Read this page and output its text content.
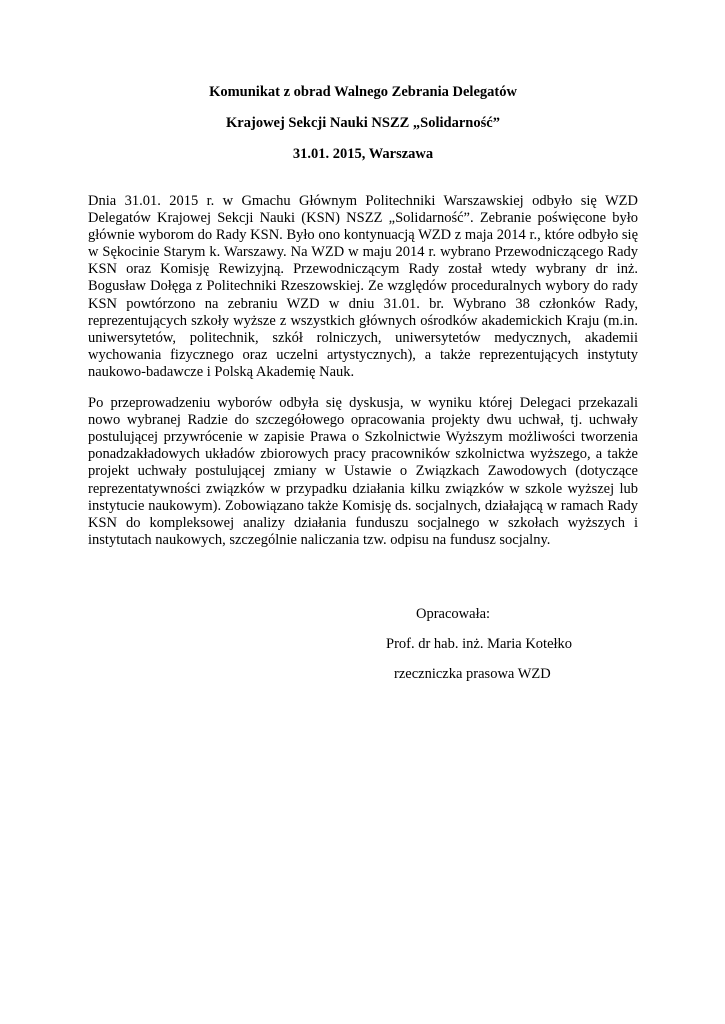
Komunikat z obrad Walnego Zebrania Delegatów
Krajowej Sekcji Nauki NSZZ „Solidarność”
31.01. 2015, Warszawa

Dnia 31.01. 2015 r. w Gmachu Głównym Politechniki Warszawskiej odbyło się WZD Delegatów Krajowej Sekcji Nauki (KSN) NSZZ „Solidarność”. Zebranie poświęcone było głównie wyborom do Rady KSN. Było ono kontynuacją WZD z maja 2014 r., które odbyło się w Sękocinie Starym k. Warszawy. Na WZD w maju 2014 r. wybrano Przewodniczącego Rady KSN oraz Komisję Rewizyjną. Przewodniczącym Rady został wtedy wybrany dr inż. Bogusław Dołęga z Politechniki Rzeszowskiej. Ze względów proceduralnych wybory do rady KSN powtórzono na zebraniu WZD w dniu 31.01. br. Wybrano 38 członków Rady, reprezentujących szkoły wyższe z wszystkich głównych ośrodków akademickich Kraju (m.in. uniwersytetów, politechnik, szkół rolniczych, uniwersytetów medycznych, akademii wychowania fizycznego oraz uczelni artystycznych), a także reprezentujących instytuty naukowo-badawcze i Polską Akademię Nauk.

Po przeprowadzeniu wyborów odbyła się dyskusja, w wyniku której Delegaci przekazali nowo wybranej Radzie do szczegółowego opracowania projekty dwu uchwał, tj. uchwały postulującej przywrócenie w zapisie Prawa o Szkolnictwie Wyższym możliwości tworzenia ponadzakładowych układów zbiorowych pracy pracowników szkolnictwa wyższego, a także projekt uchwały postulującej zmiany w Ustawie o Związkach Zawodowych (dotyczące reprezentatywności związków w przypadku działania kilku związków w szkole wyższej lub instytucie naukowym). Zobowiązano także Komisję ds. socjalnych, działającą w ramach Rady KSN do kompleksowej analizy działania funduszu socjalnego w szkołach wyższych i instytutach naukowych, szczególnie naliczania tzw. odpisu na fundusz socjalny.

Opracowała:
Prof. dr hab. inż. Maria Kotełko
rzeczniczka prasowa WZD
